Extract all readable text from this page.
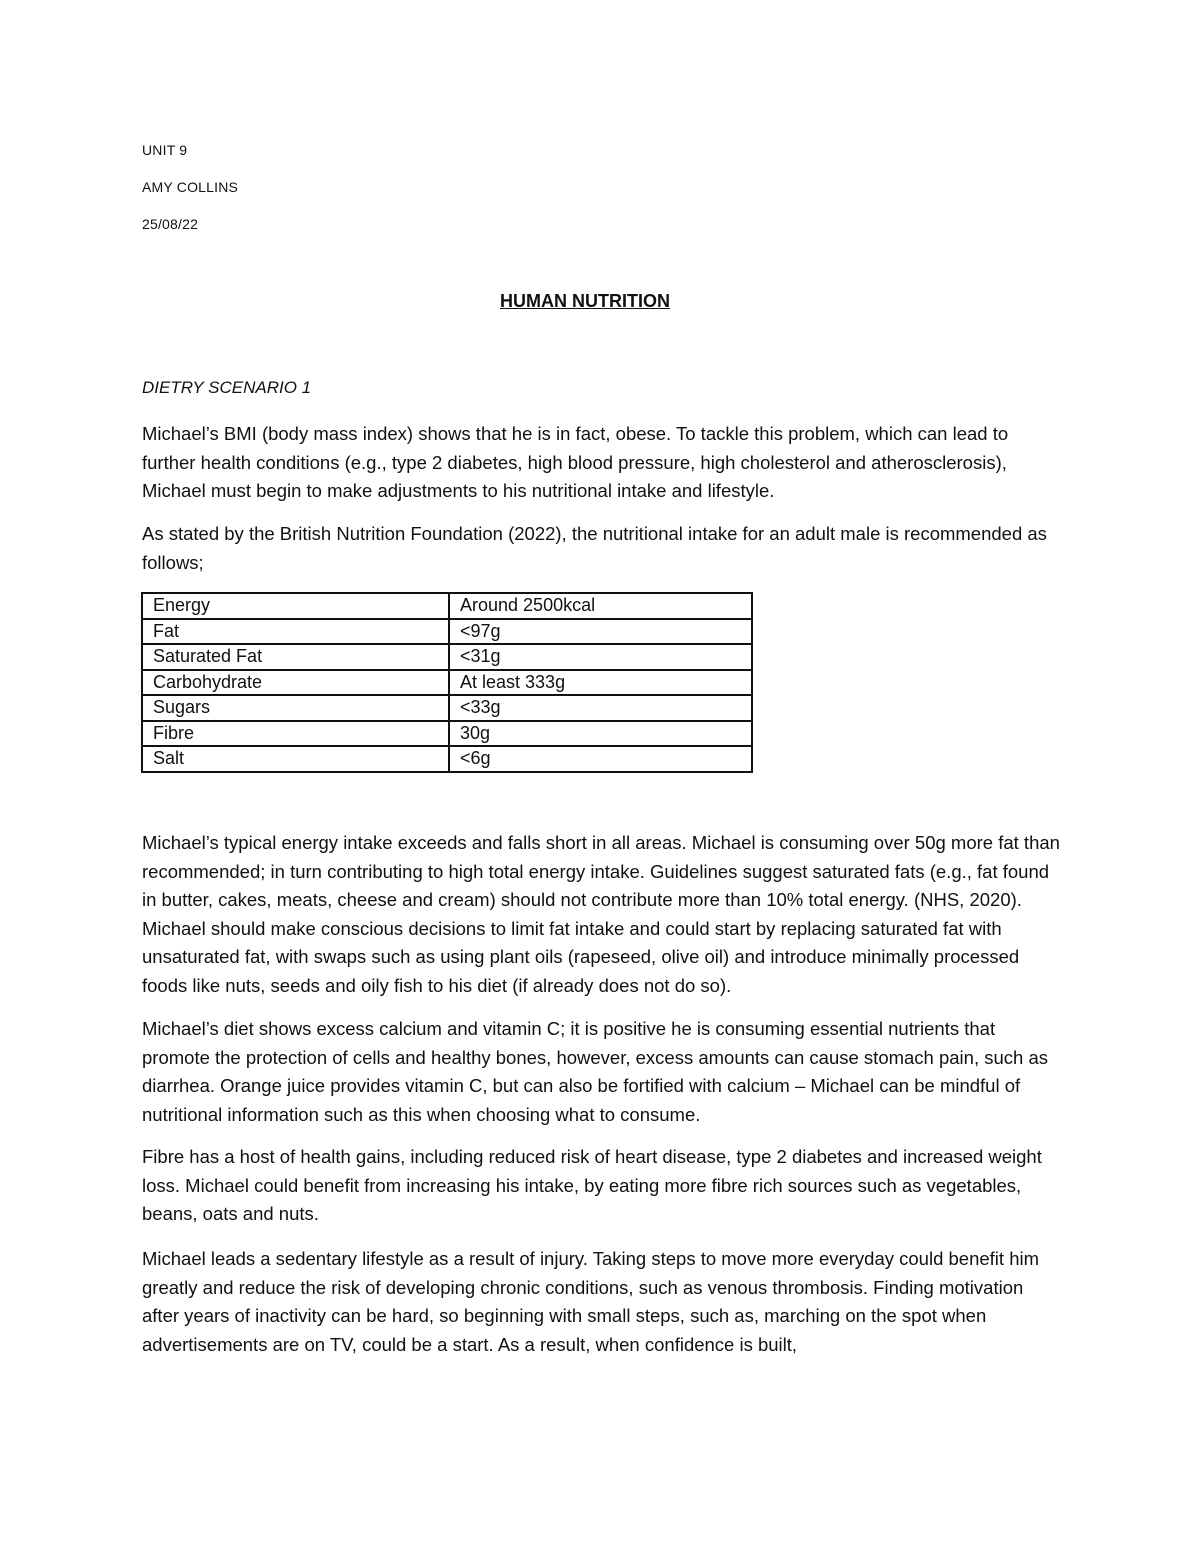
UNIT 9
AMY COLLINS
25/08/22
HUMAN NUTRITION
DIETRY SCENARIO 1

Michael’s BMI (body mass index) shows that he is in fact, obese. To tackle this problem, which can lead to further health conditions (e.g., type 2 diabetes, high blood pressure, high cholesterol and atherosclerosis), Michael must begin to make adjustments to his nutritional intake and lifestyle.

As stated by the British Nutrition Foundation (2022), the nutritional intake for an adult male is recommended as follows;

Energy	Around 2500kcal
Fat	<97g
Saturated Fat	<31g
Carbohydrate	At least 333g
Sugars	<33g
Fibre	30g
Salt	<6g

Michael’s typical energy intake exceeds and falls short in all areas. Michael is consuming over 50g more fat than recommended; in turn contributing to high total energy intake. Guidelines suggest saturated fats (e.g., fat found in butter, cakes, meats, cheese and cream) should not contribute more than 10% total energy. (NHS, 2020). Michael should make conscious decisions to limit fat intake and could start by replacing saturated fat with unsaturated fat, with swaps such as using plant oils (rapeseed, olive oil) and introduce minimally processed foods like nuts, seeds and oily fish to his diet (if already does not do so).

Michael’s diet shows excess calcium and vitamin C; it is positive he is consuming essential nutrients that promote the protection of cells and healthy bones, however, excess amounts can cause stomach pain, such as diarrhea. Orange juice provides vitamin C, but can also be fortified with calcium – Michael can be mindful of nutritional information such as this when choosing what to consume.

Fibre has a host of health gains, including reduced risk of heart disease, type 2 diabetes and increased weight loss. Michael could benefit from increasing his intake, by eating more fibre rich sources such as vegetables, beans, oats and nuts.

Michael leads a sedentary lifestyle as a result of injury. Taking steps to move more everyday could benefit him greatly and reduce the risk of developing chronic conditions, such as venous thrombosis. Finding motivation after years of inactivity can be hard, so beginning with small steps, such as, marching on the spot when advertisements are on TV, could be a start. As a result, when confidence is built,
